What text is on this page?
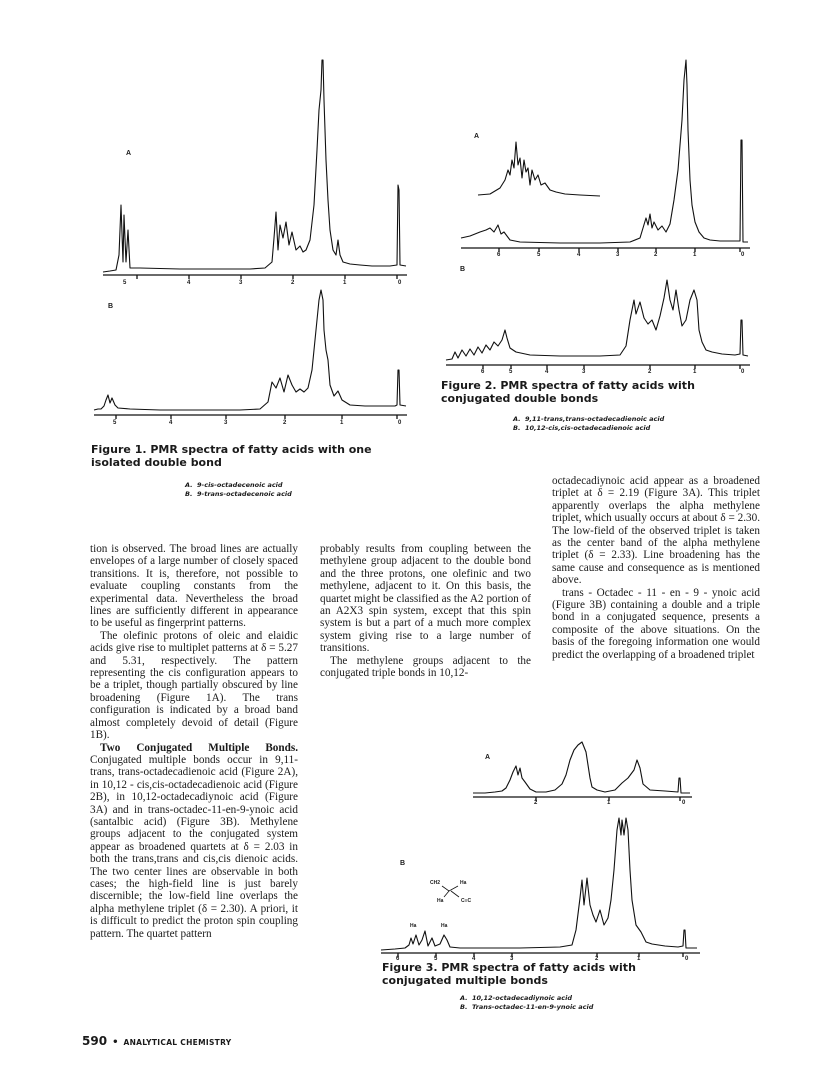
A
5	4	3	2	1	0
B
5	4	3	2	1	0
Figure 1. PMR spectra of fatty acids with one isolated double bond
A. 9-cis-octadecenoic acid
B. 9-trans-octadecenoic acid
A
6	5	4	3	2	1	0
B
6	5	4	3	2	1	0
Figure 2. PMR spectra of fatty acids with conjugated double bonds
A. 9,11-trans,trans-octadecadienoic acid
B. 10,12-cis,cis-octadecadienoic acid

tion is observed. The broad lines are actually envelopes of a large number of closely spaced transitions. It is, therefore, not possible to evaluate coupling constants from the experimental data. Nevertheless the broad lines are sufficiently different in appearance to be useful as fingerprint patterns.

The olefinic protons of oleic and elaidic acids give rise to multiplet patterns at δ = 5.27 and 5.31, respectively. The pattern representing the cis configuration appears to be a triplet, though partially obscured by line broadening (Figure 1A). The trans configuration is indicated by a broad band almost completely devoid of detail (Figure 1B).

Two Conjugated Multiple Bonds. Conjugated multiple bonds occur in 9,11-trans, trans-octadecadienoic acid (Figure 2A), in 10,12 - cis,cis-octadecadienoic acid (Figure 2B), in 10,12-octadecadiynoic acid (Figure 3A) and in trans-octadec-11-en-9-ynoic acid (santalbic acid) (Figure 3B). Methylene groups adjacent to the conjugated system appear as broadened quartets at δ = 2.03 in both the trans,trans and cis,cis dienoic acids. The two center lines are observable in both cases; the high-field line is just barely discernible; the low-field line overlaps the alpha methylene triplet (δ = 2.30). A priori, it is difficult to predict the proton spin coupling pattern. The quartet pattern

probably results from coupling between the methylene group adjacent to the double bond and the three protons, one olefinic and two methylene, adjacent to it. On this basis, the quartet might be classified as the A2 portion of an A2X3 spin system, except that this spin system is but a part of a much more complex system giving rise to a large number of transitions.

The methylene groups adjacent to the conjugated triple bonds in 10,12-

octadecadiynoic acid appear as a broadened triplet at δ = 2.19 (Figure 3A). This triplet apparently overlaps the alpha methylene triplet, which usually occurs at about δ = 2.30. The low-field of the observed triplet is taken as the center band of the alpha methylene triplet (δ = 2.33). Line broadening has the same cause and consequence as is mentioned above.

trans - Octadec - 11 - en - 9 - ynoic acid (Figure 3B) containing a double and a triple bond in a conjugated sequence, presents a composite of the above situations. On the basis of the foregoing information one would predict the overlapping of a broadened triplet

A
2	1	0
B
CH2	Ha
Ha	C≡C
Ha	Ha
6	5	4	3	2	1	0
Figure 3. PMR spectra of fatty acids with conjugated multiple bonds
A. 10,12-octadecadiynoic acid
B. Trans-octadec-11-en-9-ynoic acid
590 • ANALYTICAL CHEMISTRY
